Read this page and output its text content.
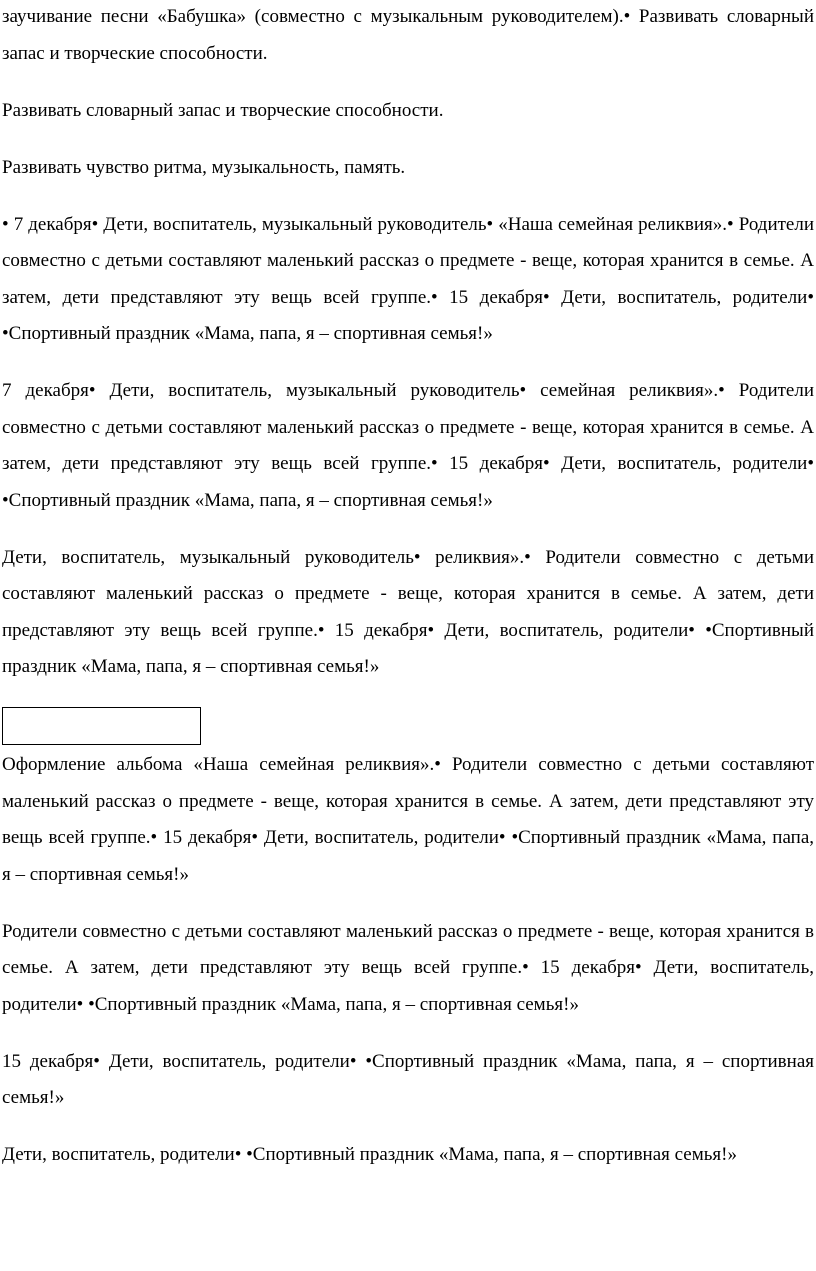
заучивание песни «Бабушка» (совместно с музыкальным руководителем).• Развивать словарный запас и творческие способности.

Развивать словарный запас и творческие способности.

Развивать чувство ритма, музыкальность, память.

• 7 декабря• Дети, воспитатель, музыкальный руководитель• «Наша семейная реликвия».• Родители совместно с детьми составляют маленький рассказ о предмете - веще, которая хранится в семье. А затем, дети представляют эту вещь всей группе.• 15 декабря• Дети, воспитатель, родители• •Спортивный праздник «Мама, папа, я – спортивная семья!»

7 декабря• Дети, воспитатель, музыкальный руководитель• семейная реликвия».• Родители совместно с детьми составляют маленький рассказ о предмете - веще, которая хранится в семье. А затем, дети представляют эту вещь всей группе.• 15 декабря• Дети, воспитатель, родители• •Спортивный праздник «Мама, папа, я – спортивная семья!»

Дети, воспитатель, музыкальный руководитель• реликвия».• Родители совместно с детьми составляют маленький рассказ о предмете - веще, которая хранится в семье. А затем, дети представляют эту вещь всей группе.• 15 декабря• Дети, воспитатель, родители• •Спортивный праздник «Мама, папа, я – спортивная семья!»

Оформление альбома «Наша семейная реликвия».• Родители совместно с детьми составляют маленький рассказ о предмете - веще, которая хранится в семье. А затем, дети представляют эту вещь всей группе.• 15 декабря• Дети, воспитатель, родители• •Спортивный праздник «Мама, папа, я – спортивная семья!»

Родители совместно с детьми составляют маленький рассказ о предмете - веще, которая хранится в семье. А затем, дети представляют эту вещь всей группе.• 15 декабря• Дети, воспитатель, родители• •Спортивный праздник «Мама, папа, я – спортивная семья!»

15 декабря• Дети, воспитатель, родители• •Спортивный праздник «Мама, папа, я – спортивная семья!»

Дети, воспитатель, родители• •Спортивный праздник «Мама, папа, я – спортивная семья!»
